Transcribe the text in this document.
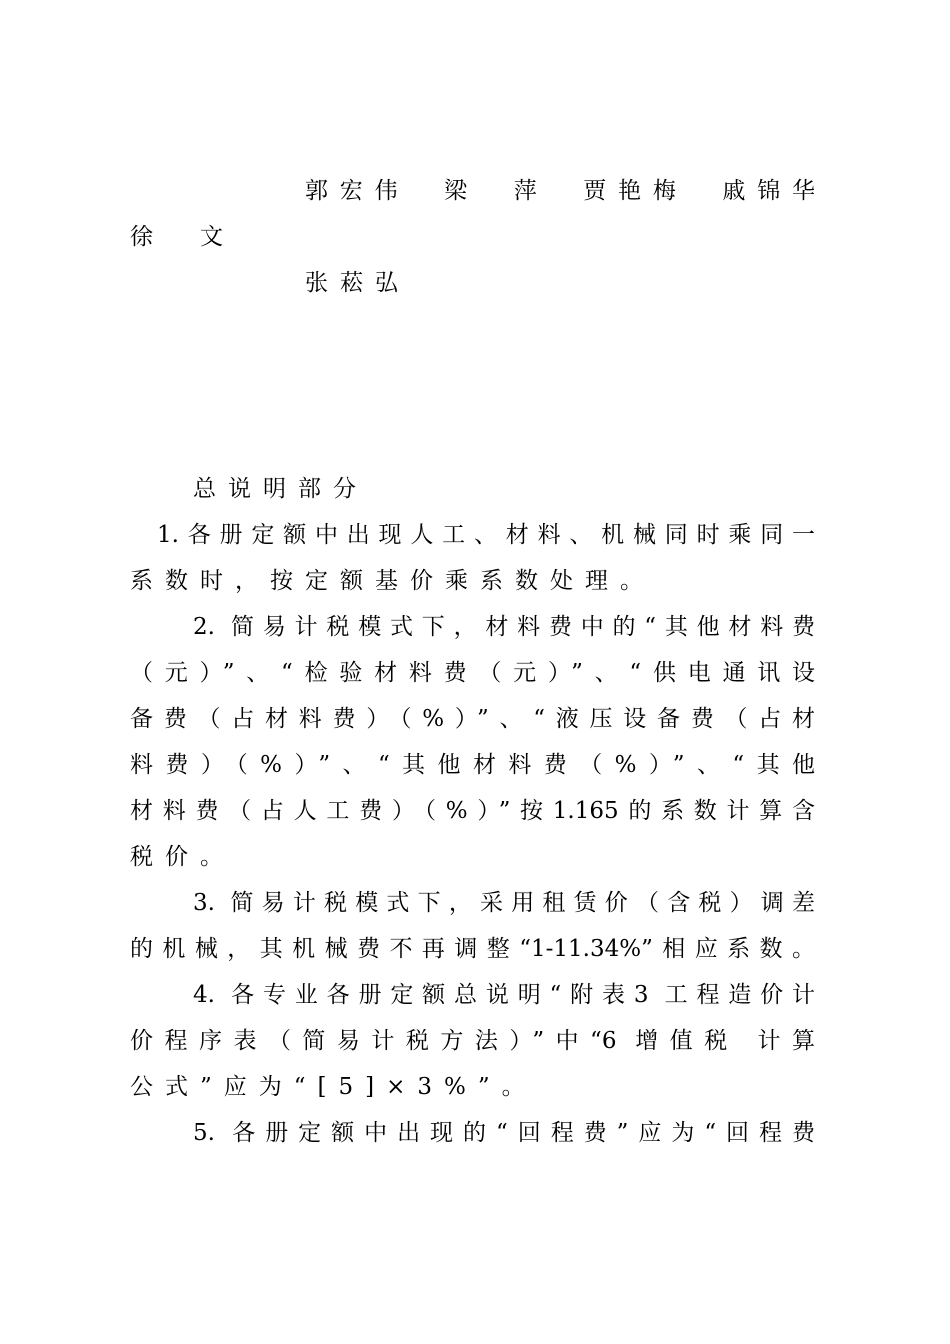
郭宏伟　梁　萍　贾艳梅　戚锦华
徐　文
张菘弘
总说明部分
1.各册定额中出现人工、材料、机械同时乘同一
系数时，按定额基价乘系数处理。
2. 简易计税模式下，材料费中的“其他材料费
（元）”、“检验材料费（元）”、“供电通讯设
备费（占材料费）（%）”、“液压设备费（占材
料费）（%）”、“其他材料费（%）”、“其他
材料费（占人工费）（%）”按1.165的系数计算含
税价。
3. 简易计税模式下，采用租赁价（含税）调差
的机械，其机械费不再调整“1-11.34%”相应系数。
4. 各专业各册定额总说明“附表3 工程造价计
价程序表（简易计税方法）”中“6 增值税 计算
公式”应为“[5]×3%”。
5. 各册定额中出现的“回程费”应为“回程费
